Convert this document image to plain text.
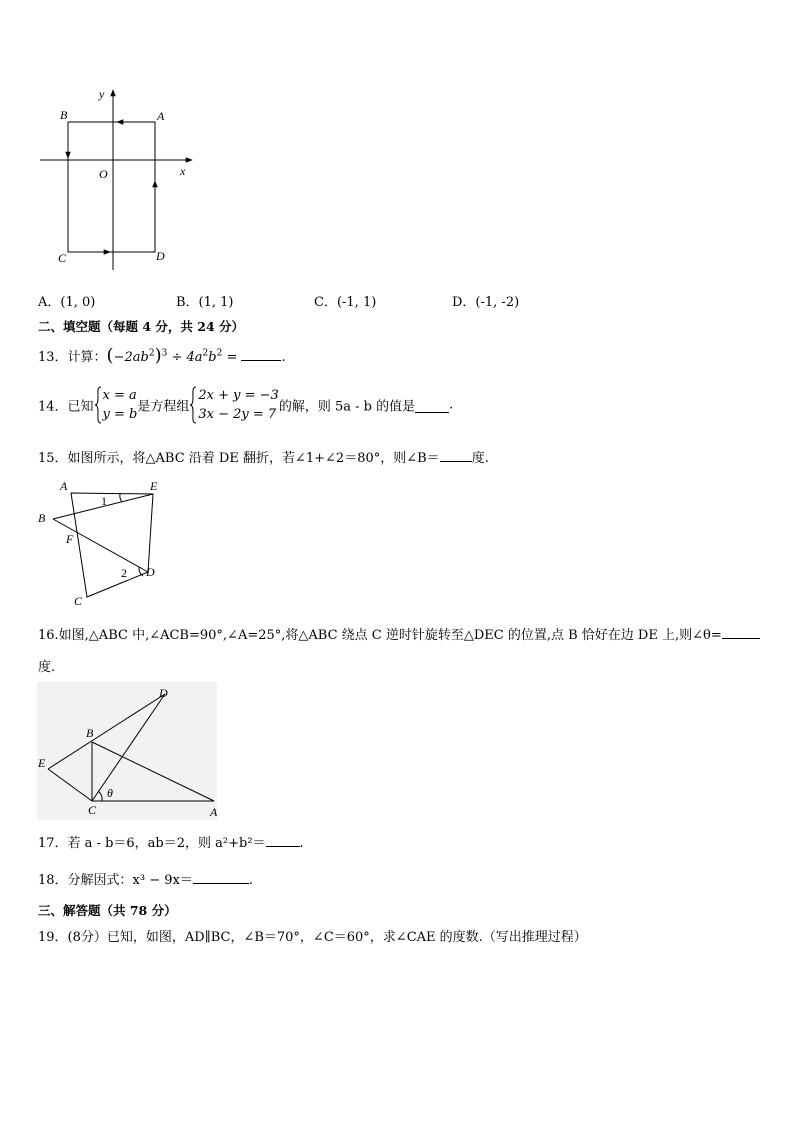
y
x
O
A
B
C	D
A．(1, 0)	B．(1, 1)	C．(-1, 1)	D．(-1, -2)
二、填空题（每题 4 分，共 24 分）
13．计算：$(-2ab^2)^3 \div 4a^2b^2$ =	.
14．已知
x = a
y = b 是方程组
2x + y = −3
3x − 2y = 7 的解，则 5a - b 的值是	.
15．如图所示，将△ABC 沿着 DE 翻折，若∠1+∠2＝80°，则∠B＝ 度.
A	E
B
F
D
C
1
2
16.如图,△ABC 中,∠ACB=90°,∠A=25°,将△ABC 绕点 C 逆时针旋转至△DEC 的位置,点 B 恰好在边 DE 上,则∠θ=
度.
D
B
E
C	A
θ
17．若 a - b＝6，ab＝2，则 a²+b²＝	.
18．分解因式：x³ − 9x＝	.
三、解答题（共 78 分）
19．(8分）已知，如图，AD∥BC，∠B＝70°，∠C＝60°，求∠CAE 的度数.（写出推理过程）
